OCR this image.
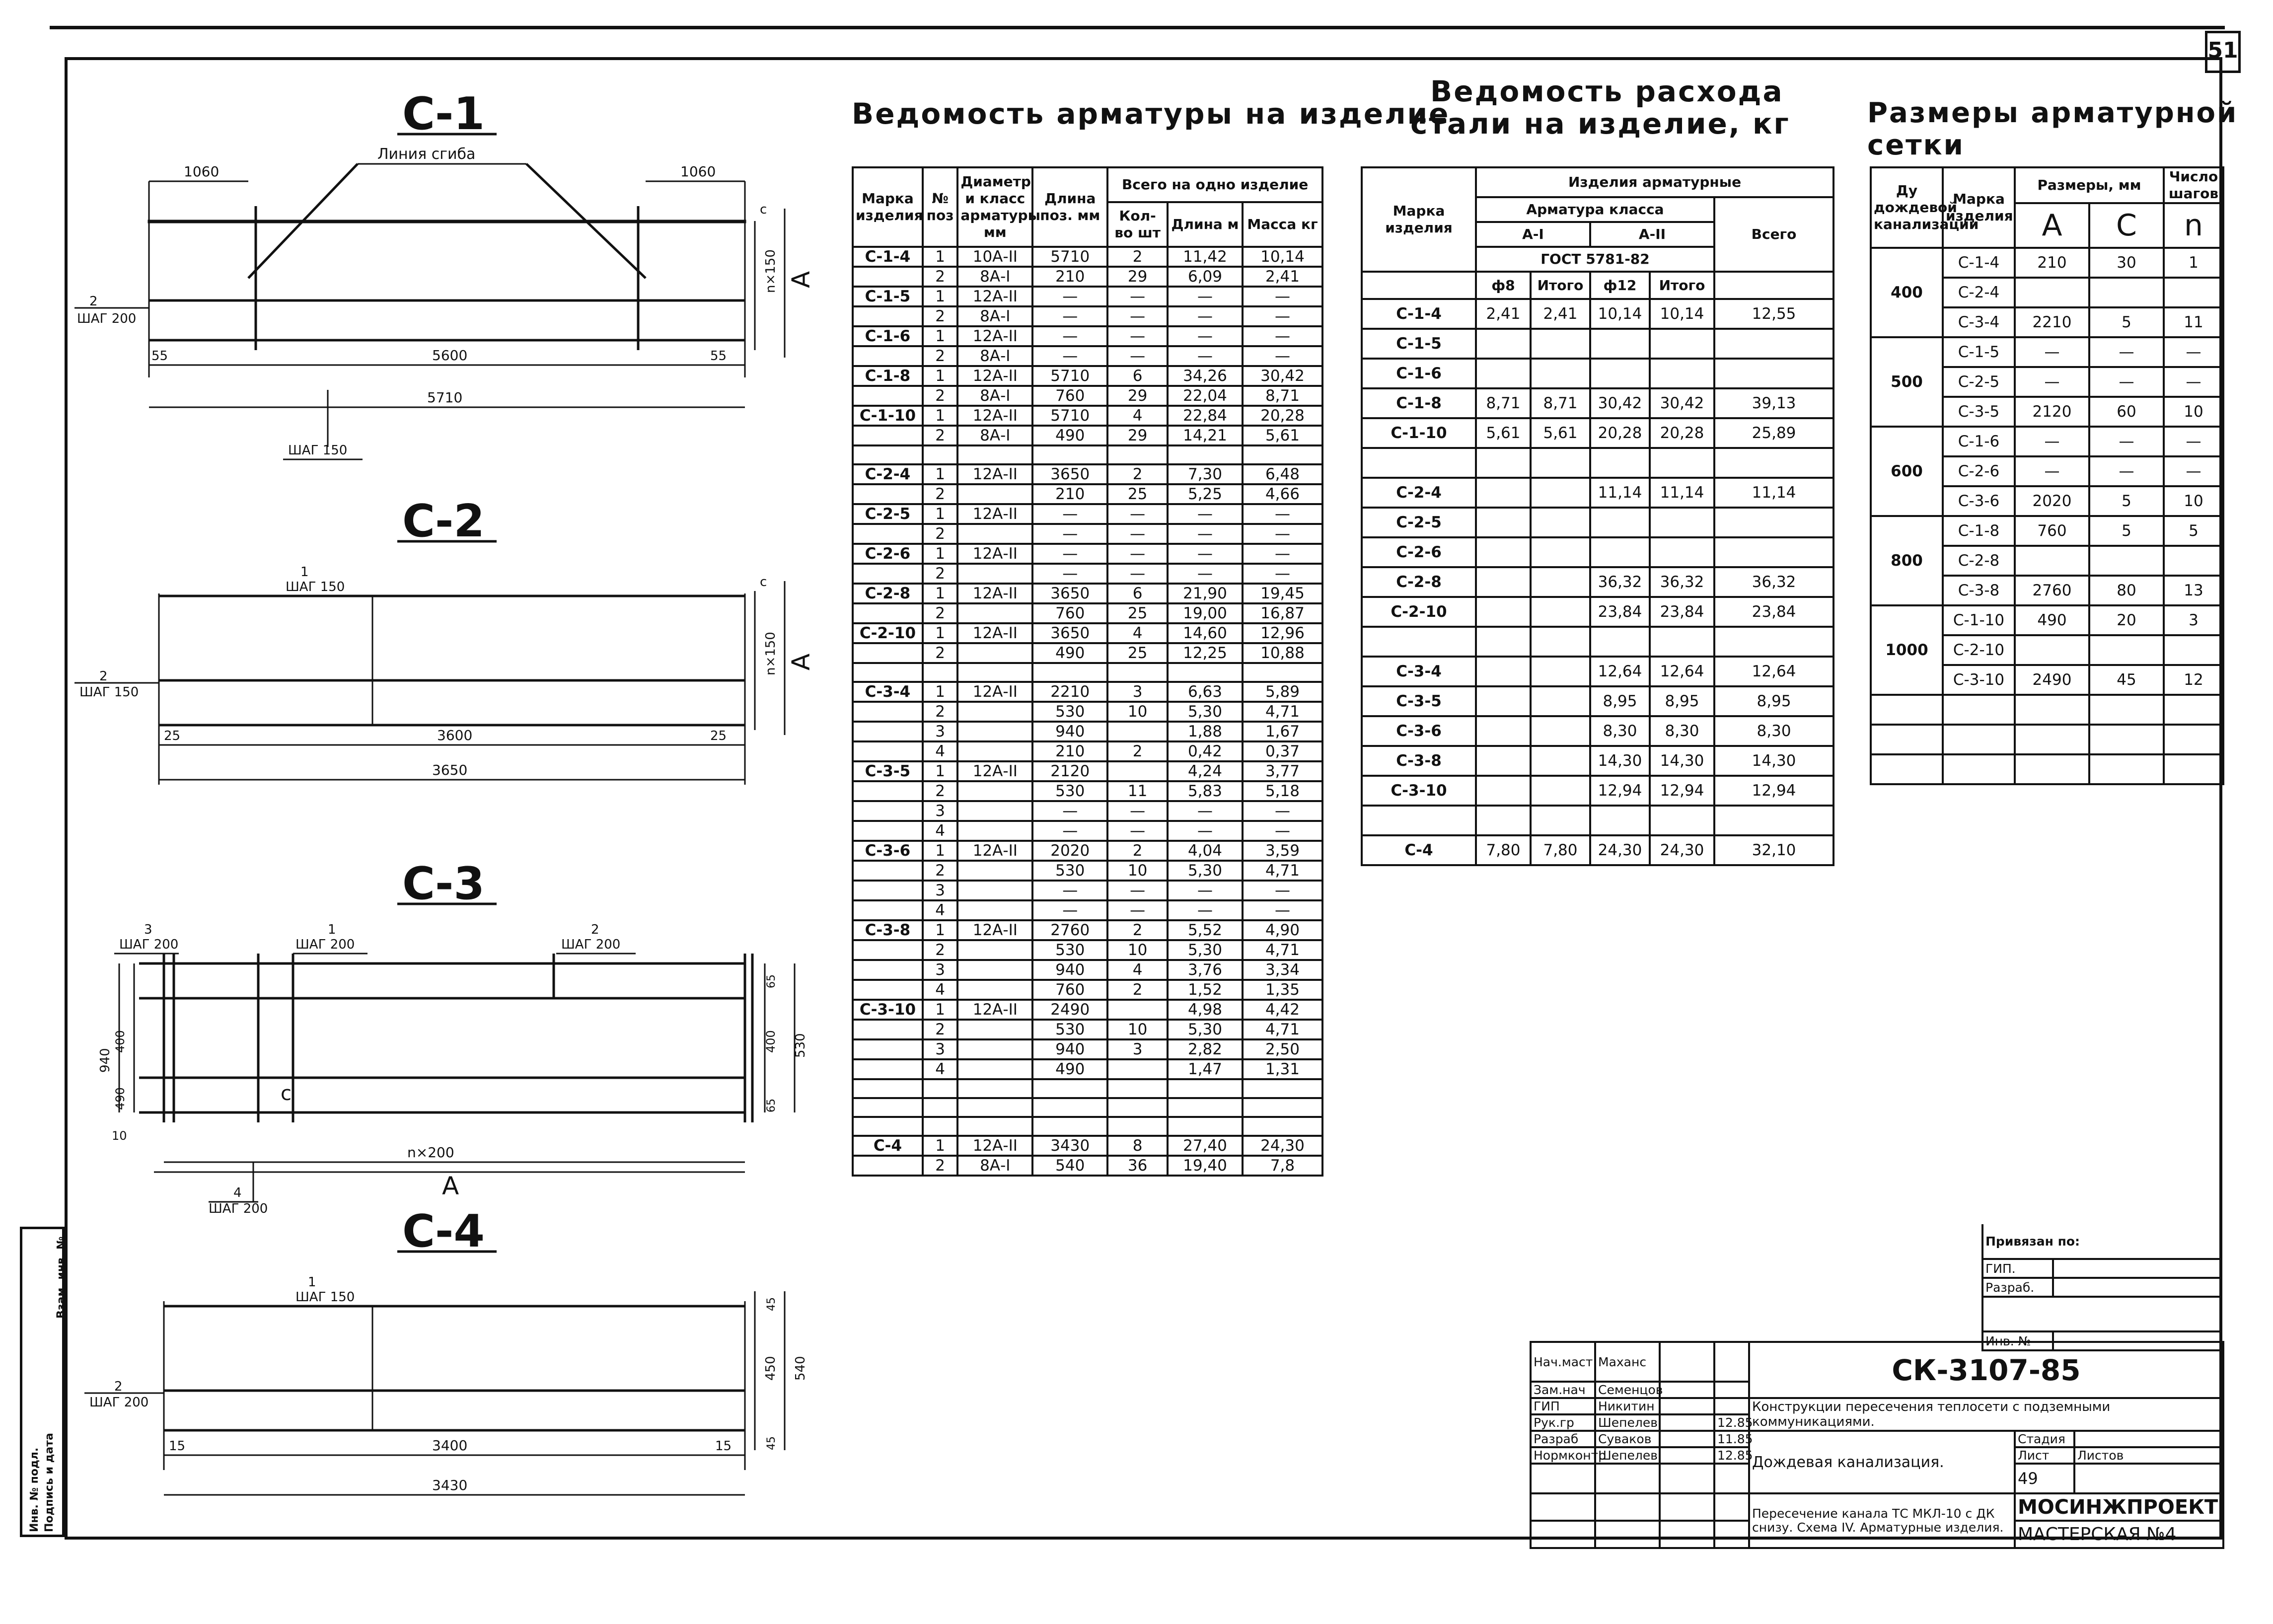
51
С-1
Линия сгиба
1060	1060
n×150 А
с
2
ШАГ 200
55	55
5600
5710
ШАГ 150
С-2
1
ШАГ 150
n×150 А
с
2
ШАГ 150
25	25
3600
3650
С-3
3
ШАГ 200
1
ШАГ 200
2
ШАГ 200
940
400
490
65
400 530
65
10
с
n×200
А
4
ШАГ 200	С-4
1
ШАГ 150	45
450 540
45
2
ШАГ 200
15	15
3400
3430
Ведомость арматуры на изделие
Марка изделия	№ поз	Диаметр и класс арматуры мм	Длина поз. мм	Всего на одно изделие		
				Кол-во шт	Длина м	Масса кг
С-1-4	1	10А-II	5710	2	11,42	10,14
	2	8А-I	210	29	6,09	2,41
С-1-5	1	12А-II	—	—	—	—
	2	8А-I	—	—	—	—
С-1-6	1	12А-II	—	—	—	—
	2	8А-I	—	—	—	—
С-1-8	1	12А-II	5710	6	34,26	30,42
	2	8А-I	760	29	22,04	8,71
С-1-10	1	12А-II	5710	4	22,84	20,28
	2	8А-I	490	29	14,21	5,61

С-2-4	1	12А-II	3650	2	7,30	6,48
	2		210	25	5,25	4,66
С-2-5	1	12А-II	—	—	—	—
	2		—	—	—	—
С-2-6	1	12А-II	—	—	—	—
	2		—	—	—	—
С-2-8	1	12А-II	3650	6	21,90	19,45
	2		760	25	19,00	16,87
С-2-10	1	12А-II	3650	4	14,60	12,96
	2		490	25	12,25	10,88

С-3-4	1	12А-II	2210	3	6,63	5,89
	2		530	10	5,30	4,71
	3		940		1,88	1,67
	4		210	2	0,42	0,37
С-3-5	1	12А-II	2120		4,24	3,77
	2		530	11	5,83	5,18
	3		—	—	—	—
	4		—	—	—	—
С-3-6	1	12А-II	2020	2	4,04	3,59
	2		530	10	5,30	4,71
	3		—	—	—	—
	4		—	—	—	—
С-3-8	1	12А-II	2760	2	5,52	4,90
	2		530	10	5,30	4,71
	3		940	4	3,76	3,34
	4		760	2	1,52	1,35
С-3-10	1	12А-II	2490		4,98	4,42
	2		530	10	5,30	4,71
	3		940	3	2,82	2,50
	4		490		1,47	1,31

С-4	1	12А-II	3430	8	27,40	24,30
	2	8А-I	540	36	19,40	7,8
Ведомость расхода
стали на изделие, кг
Марка изделия	Изделия арматурные				
	Арматура класса				Всего
	А-I		А-II		
	ГОСТ 5781-82				
	ф8	Итого	ф12	Итого	
С-1-4	2,41	2,41	10,14	10,14	12,55
С-1-5					
С-1-6					
С-1-8	8,71	8,71	30,42	30,42	39,13
С-1-10	5,61	5,61	20,28	20,28	25,89

С-2-4			11,14	11,14	11,14
С-2-5					
С-2-6					
С-2-8			36,32	36,32	36,32
С-2-10			23,84	23,84	23,84

С-3-4			12,64	12,64	12,64
С-3-5			8,95	8,95	8,95
С-3-6			8,30	8,30	8,30
С-3-8			14,30	14,30	14,30
С-3-10			12,94	12,94	12,94

С-4	7,80	7,80	24,30	24,30	32,10
Размеры арматурной сетки
Ду дождевой канализации	Марка изделия	Размеры, мм		Число шагов
		А	С	n
400	С-1-4	210	30	1
	С-2-4			
	С-3-4	2210	5	11
500	С-1-5	—	—	—
	С-2-5	—	—	—
	С-3-5	2120	60	10
600	С-1-6	—	—	—
	С-2-6	—	—	—
	С-3-6	2020	5	10
800	С-1-8	760	5	5
	С-2-8			
	С-3-8	2760	80	13
1000	С-1-10	490	20	3
	С-2-10			
	С-3-10	2490	45	12

Привязан по:	
ГИП.	
Разраб.	

Инв. №	
Нач.маст	Маханс			СК-3107-85		
Зам.нач	Семенцов					
ГИП	Никитин			Конструкции пересечения теплосети с подземными коммуникациями.		
Рук.гр	Шепелев		12.85			
Разраб	Суваков		11.85	Дождевая канализация.	Стадия	
Нормконтр	Шепелев		12.85		Лист	Листов
					49	
				Пересечение канала ТС МКЛ-10 с ДК снизу. Схема IV. Арматурные изделия.	МОСИНЖПРОЕКТ	
					МАСТЕРСКАЯ №4	
Инв. № подл. Подпись и дата
Взам. инв. №
